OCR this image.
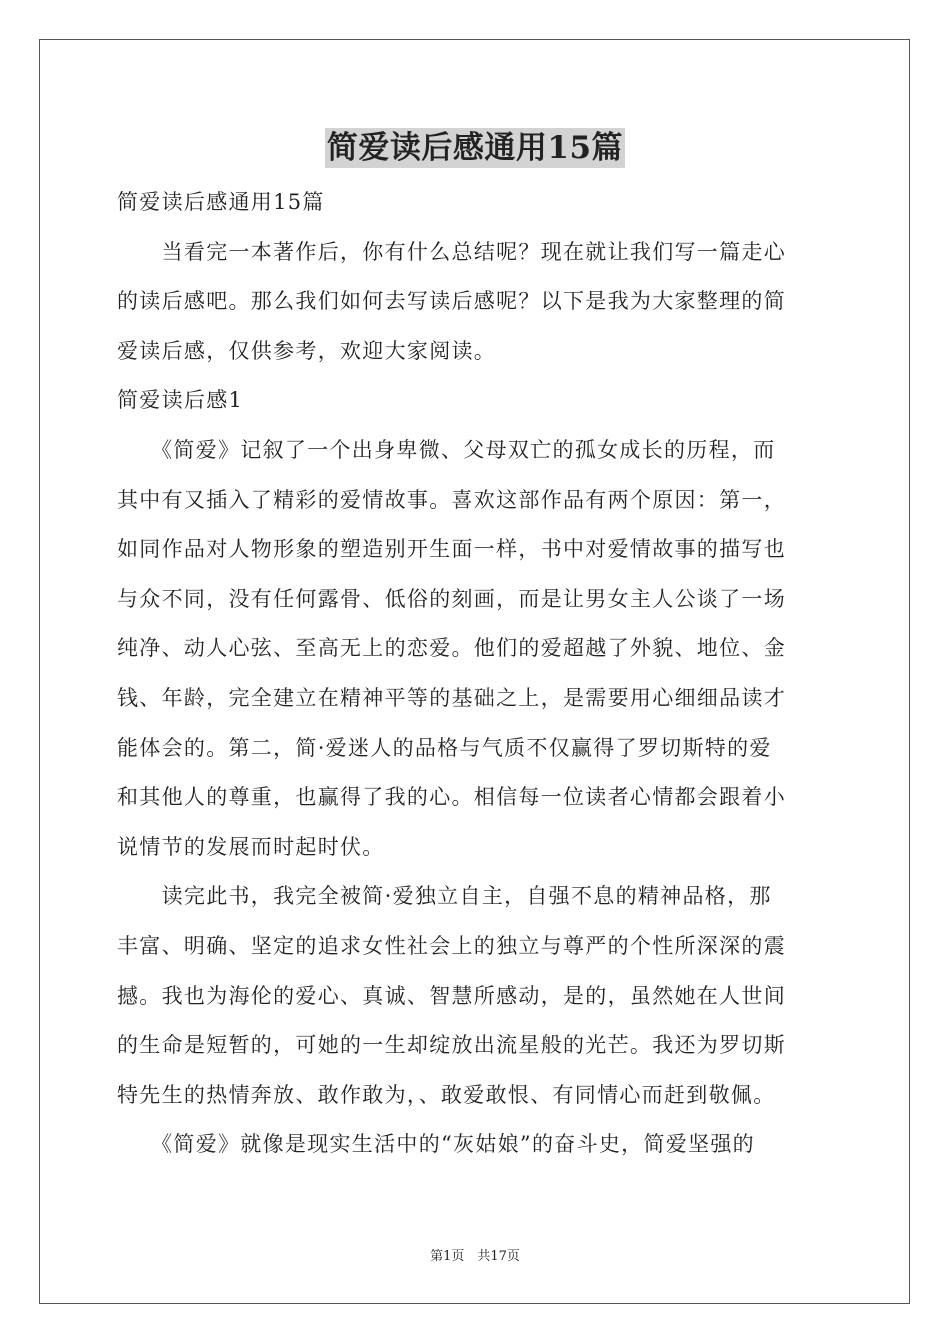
简爱读后感通用15篇
简爱读后感通用15篇
　　当看完一本著作后，你有什么总结呢？现在就让我们写一篇走心
的读后感吧。那么我们如何去写读后感呢？以下是我为大家整理的简
爱读后感，仅供参考，欢迎大家阅读。
简爱读后感1
　　《简爱》记叙了一个出身卑微、父母双亡的孤女成长的历程，而
其中有又插入了精彩的爱情故事。喜欢这部作品有两个原因：第一，
如同作品对人物形象的塑造别开生面一样，书中对爱情故事的描写也
与众不同，没有任何露骨、低俗的刻画，而是让男女主人公谈了一场
纯净、动人心弦、至高无上的恋爱。他们的爱超越了外貌、地位、金
钱、年龄，完全建立在精神平等的基础之上，是需要用心细细品读才
能体会的。第二，简·爱迷人的品格与气质不仅赢得了罗切斯特的爱
和其他人的尊重，也赢得了我的心。相信每一位读者心情都会跟着小
说情节的发展而时起时伏。
　　读完此书，我完全被简·爱独立自主，自强不息的精神品格，那
丰富、明确、坚定的追求女性社会上的独立与尊严的个性所深深的震
撼。我也为海伦的爱心、真诚、智慧所感动，是的，虽然她在人世间
的生命是短暂的，可她的一生却绽放出流星般的光芒。我还为罗切斯
特先生的热情奔放、敢作敢为，、敢爱敢恨、有同情心而赶到敬佩。
　　《简爱》就像是现实生活中的“灰姑娘”的奋斗史，简爱坚强的
第1页　共17页
